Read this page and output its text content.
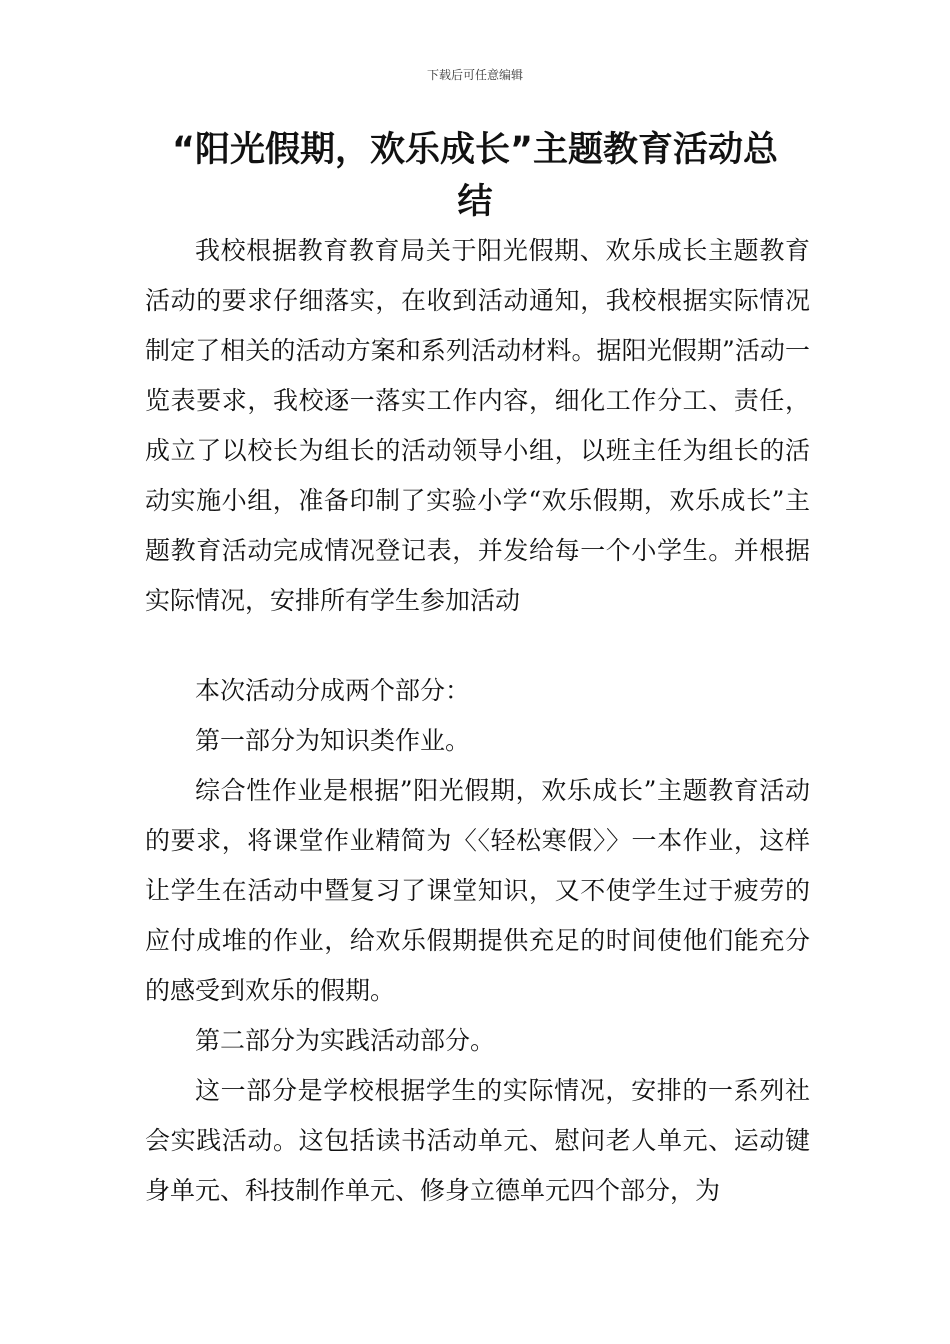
下载后可任意编辑
“阳光假期，欢乐成长”主题教育活动总
结

我校根据教育教育局关于阳光假期、欢乐成长主题教育活动的要求仔细落实，在收到活动通知，我校根据实际情况制定了相关的活动方案和系列活动材料。据阳光假期”活动一览表要求，我校逐一落实工作内容，细化工作分工、责任，成立了以校长为组长的活动领导小组，以班主任为组长的活动实施小组，准备印制了实验小学“欢乐假期，欢乐成长”主题教育活动完成情况登记表，并发给每一个小学生。并根据实际情况，安排所有学生参加活动

本次活动分成两个部分：

第一部分为知识类作业。

综合性作业是根据”阳光假期，欢乐成长”主题教育活动的要求，将课堂作业精简为〈〈轻松寒假〉〉一本作业，这样让学生在活动中暨复习了课堂知识，又不使学生过于疲劳的应付成堆的作业，给欢乐假期提供充足的时间使他们能充分的感受到欢乐的假期。

第二部分为实践活动部分。

这一部分是学校根据学生的实际情况，安排的一系列社会实践活动。这包括读书活动单元、慰问老人单元、运动键身单元、科技制作单元、修身立德单元四个部分，为
